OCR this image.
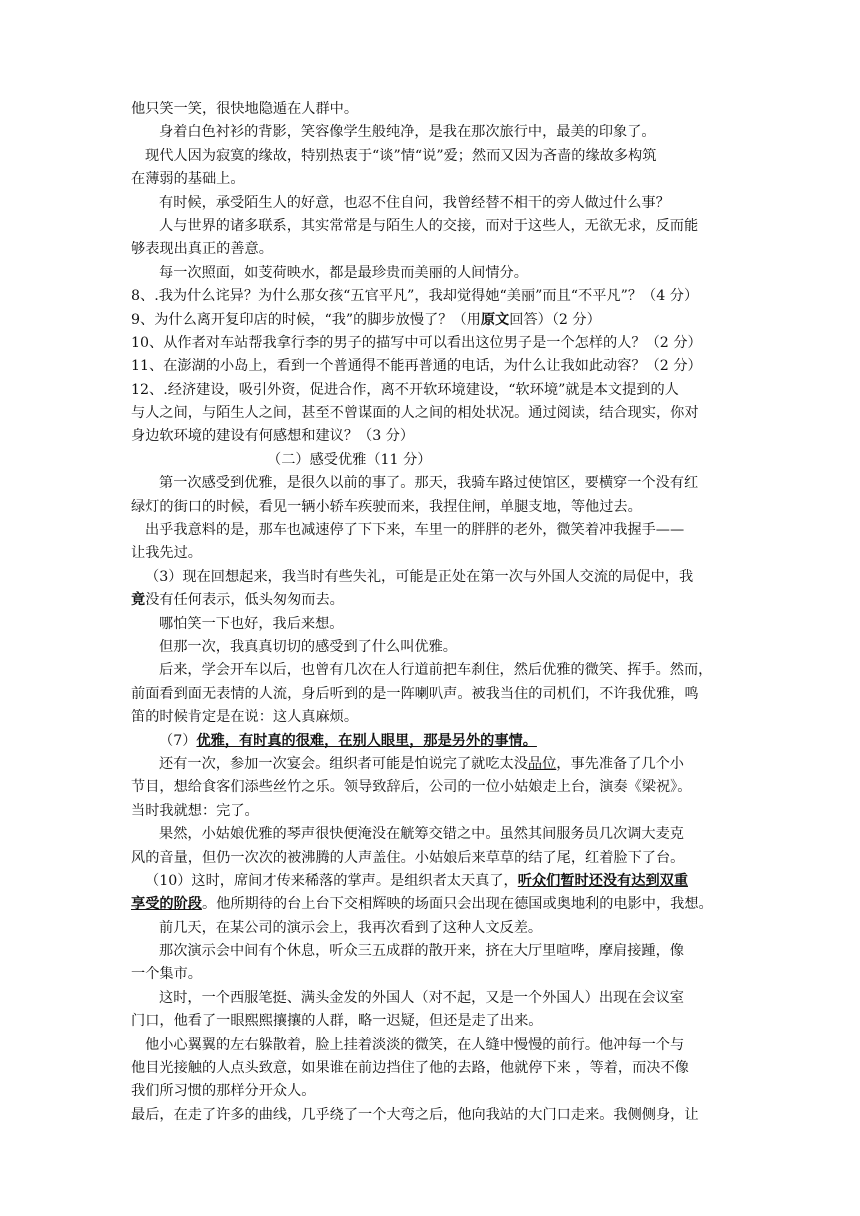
他只笑一笑，很快地隐遁在人群中。
身着白色衬衫的背影，笑容像学生般纯净，是我在那次旅行中，最美的印象了。
现代人因为寂寞的缘故，特别热衷于“谈”情“说”爱；然而又因为吝啬的缘故多构筑
在薄弱的基础上。
有时候，承受陌生人的好意，也忍不住自问，我曾经替不相干的旁人做过什么事？
人与世界的诸多联系，其实常常是与陌生人的交接，而对于这些人，无欲无求，反而能
够表现出真正的善意。
每一次照面，如芰荷映水，都是最珍贵而美丽的人间情分。
8、.我为什么诧异？为什么那女孩“五官平凡”，我却觉得她“美丽”而且“不平凡”？（4 分）
9、为什么离开复印店的时候，“我”的脚步放慢了？（用原文回答）（2 分）
10、从作者对车站帮我拿行李的男子的描写中可以看出这位男子是一个怎样的人？（2 分）
11、在澎湖的小岛上，看到一个普通得不能再普通的电话，为什么让我如此动容？（2 分）
12、.经济建设，吸引外资，促进合作，离不开软环境建设，“软环境”就是本文提到的人
与人之间，与陌生人之间，甚至不曾谋面的人之间的相处状况。通过阅读，结合现实，你对
身边软环境的建设有何感想和建议？（3 分）
（二）感受优雅（11 分）
第一次感受到优雅，是很久以前的事了。那天，我骑车路过使馆区，要横穿一个没有红
绿灯的街口的时候，看见一辆小轿车疾驶而来，我捏住闸，单腿支地，等他过去。
出乎我意料的是，那车也减速停了下下来，车里一的胖胖的老外，微笑着冲我握手——
让我先过。
（3）现在回想起来，我当时有些失礼，可能是正处在第一次与外国人交流的局促中，我
竟没有任何表示，低头匆匆而去。
哪怕笑一下也好，我后来想。
但那一次，我真真切切的感受到了什么叫优雅。
后来，学会开车以后，也曾有几次在人行道前把车刹住，然后优雅的微笑、挥手。然而，
前面看到面无表情的人流，身后听到的是一阵喇叭声。被我当住的司机们，不许我优雅，鸣
笛的时候肯定是在说：这人真麻烦。
（7）优雅，有时真的很难，在别人眼里，那是另外的事情。
还有一次，参加一次宴会。组织者可能是怕说完了就吃太没品位，事先准备了几个小
节目，想给食客们添些丝竹之乐。领导致辞后，公司的一位小姑娘走上台，演奏《梁祝》。
当时我就想：完了。
果然，小姑娘优雅的琴声很快便淹没在觥筹交错之中。虽然其间服务员几次调大麦克
风的音量，但仍一次次的被沸腾的人声盖住。小姑娘后来草草的结了尾，红着脸下了台。
（10）这时，席间才传来稀落的掌声。是组织者太天真了，听众们暂时还没有达到双重
享受的阶段。他所期待的台上台下交相辉映的场面只会出现在德国或奥地利的电影中，我想。
前几天，在某公司的演示会上，我再次看到了这种人文反差。
那次演示会中间有个休息，听众三五成群的散开来，挤在大厅里喧哗，摩肩接踵，像
一个集市。
这时，一个西服笔挺、满头金发的外国人（对不起，又是一个外国人）出现在会议室
门口，他看了一眼熙熙攘攘的人群，略一迟疑，但还是走了出来。
他小心翼翼的左右躲散着，脸上挂着淡淡的微笑，在人缝中慢慢的前行。他冲每一个与
他目光接触的人点头致意，如果谁在前边挡住了他的去路，他就停下来 ，等着，而决不像
我们所习惯的那样分开众人。
最后，在走了许多的曲线，几乎绕了一个大弯之后，他向我站的大门口走来。我侧侧身，让
